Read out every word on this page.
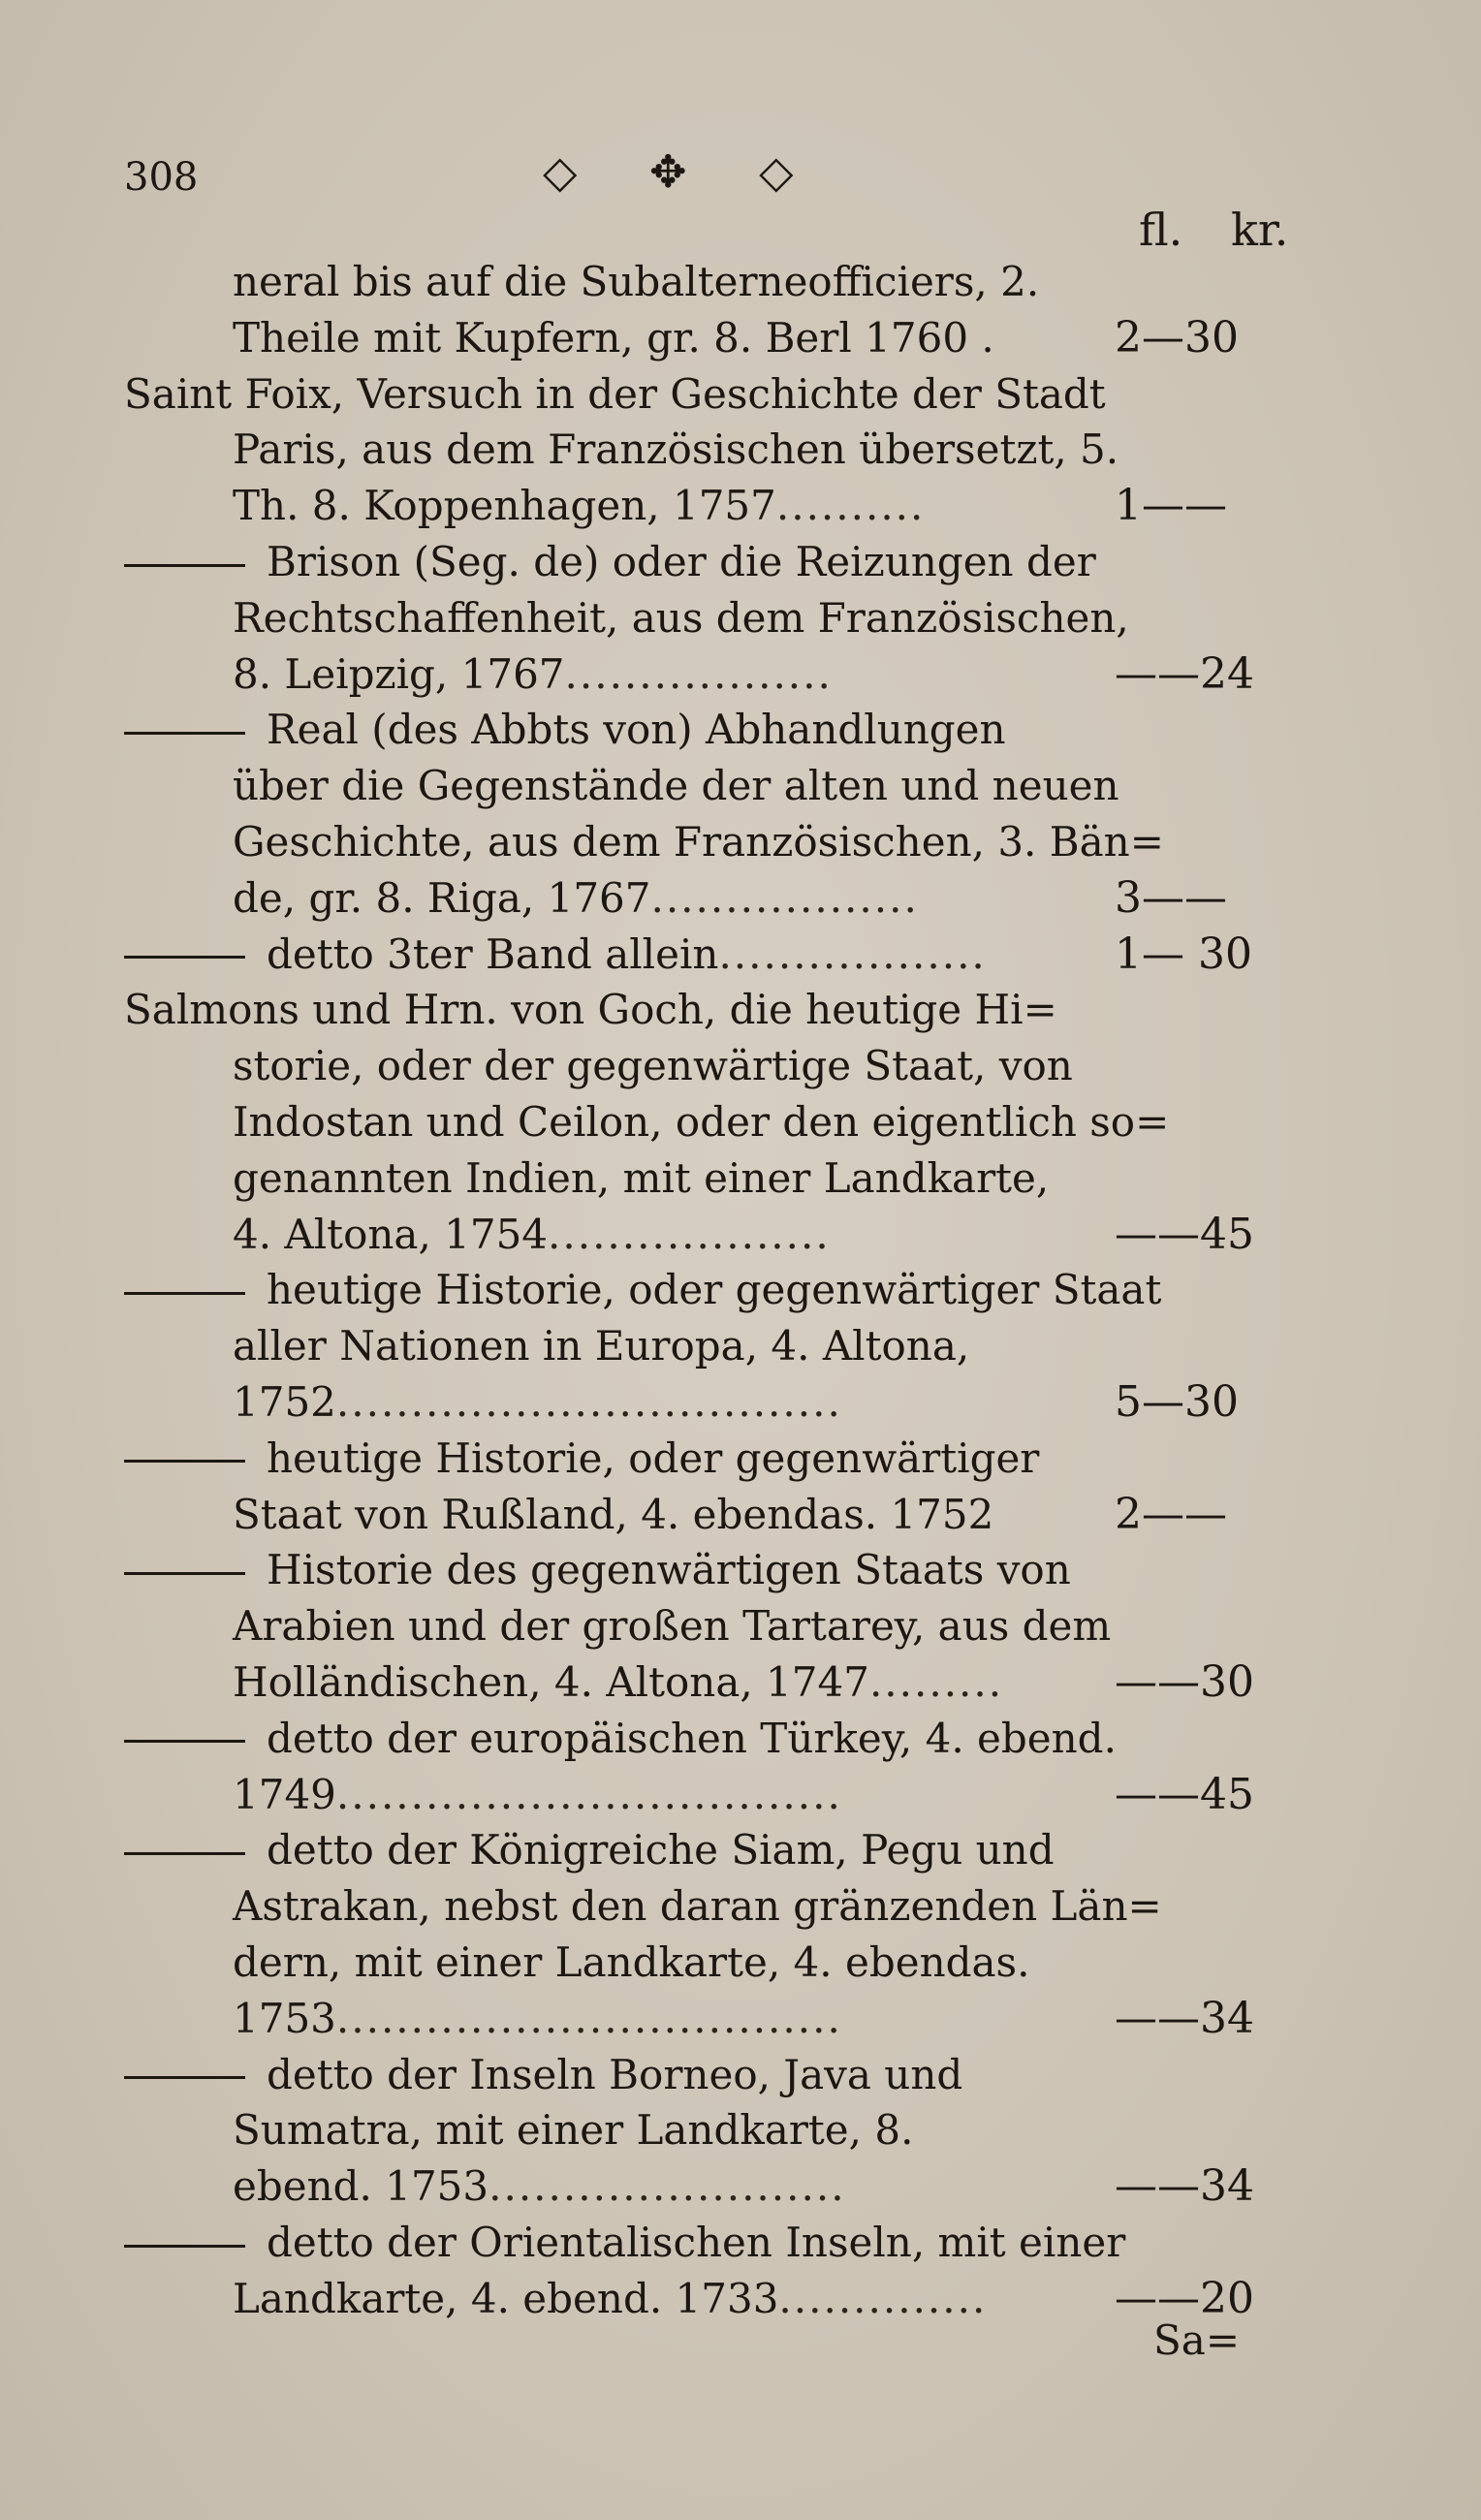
308	◇ ✥ ◇
fl. kr.
neral bis auf die Subalterneofficiers, 2.
Theile mit Kupfern, gr. 8. Berl 1760 .	2—30
Saint Foix, Versuch in der Geschichte der Stadt
Paris, aus dem Französischen übersetzt, 5.
Th. 8. Koppenhagen, 1757..........	1——
Brison (Seg. de) oder die Reizungen der
Rechtschaffenheit, aus dem Französischen,
8. Leipzig, 1767..................	——24
Real (des Abbts von) Abhandlungen
über die Gegenstände der alten und neuen
Geschichte, aus dem Französischen, 3. Bän=
de, gr. 8. Riga, 1767..................	3——
detto 3ter Band allein..................	1— 30
Salmons und Hrn. von Goch, die heutige Hi=
storie, oder der gegenwärtige Staat, von
Indostan und Ceilon, oder den eigentlich so=
genannten Indien, mit einer Landkarte,
4. Altona, 1754...................	——45
heutige Historie, oder gegenwärtiger Staat
aller Nationen in Europa, 4. Altona,
1752..................................	5—30
heutige Historie, oder gegenwärtiger
Staat von Rußland, 4. ebendas. 1752	2——
Historie des gegenwärtigen Staats von
Arabien und der großen Tartarey, aus dem
Holländischen, 4. Altona, 1747.........	——30
detto der europäischen Türkey, 4. ebend.
1749..................................	——45
detto der Königreiche Siam, Pegu und
Astrakan, nebst den daran gränzenden Län=
dern, mit einer Landkarte, 4. ebendas.
1753..................................	——34
detto der Inseln Borneo, Java und
Sumatra, mit einer Landkarte, 8.
ebend. 1753........................	——34
detto der Orientalischen Inseln, mit einer
Landkarte, 4. ebend. 1733..............	——20
Sa=
